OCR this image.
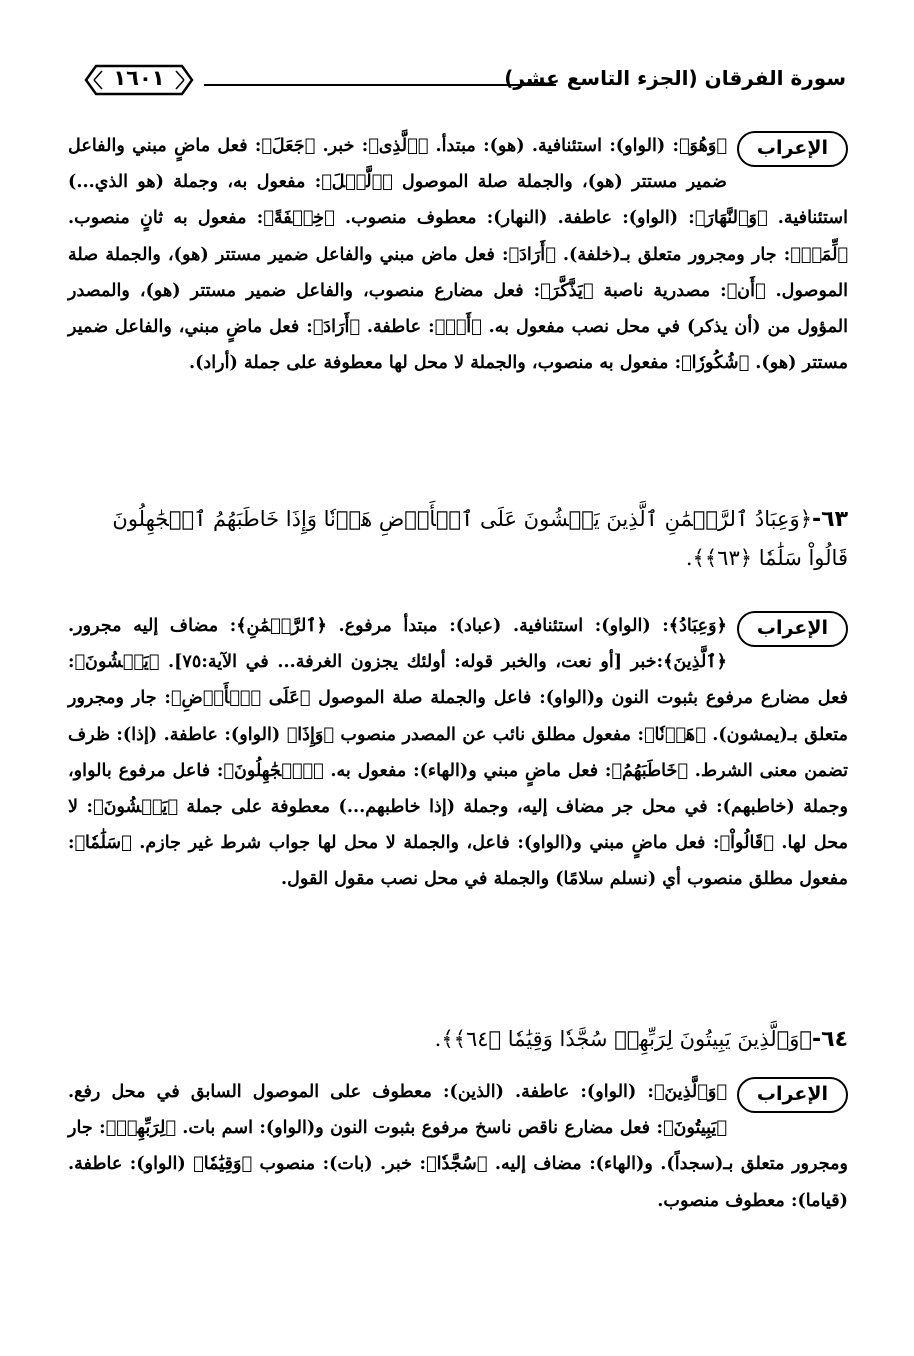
سورة الفرقان (الجزء التاسع عشر)
١٦٠١

الإعراب
﴿وَهُوَ﴾: (الواو): استئنافية. (هو): مبتدأ. ﴿ٱلَّذِى﴾: خبر. ﴿جَعَلَ﴾: فعل ماضٍ مبني والفاعل ضمير مستتر (هو)، والجملة صلة الموصول ﴿ٱلَّيۡلَ﴾: مفعول به، وجملة (هو الذي...) استئنافية. ﴿وَٱلنَّهَارَ﴾: (الواو): عاطفة. (النهار): معطوف منصوب. ﴿خِلۡفَةً﴾: مفعول به ثانٍ منصوب. ﴿لِّمَنۡ﴾: جار ومجرور متعلق بـ(خلفة). ﴿أَرَادَ﴾: فعل ماض مبني والفاعل ضمير مستتر (هو)، والجملة صلة الموصول. ﴿أَن﴾: مصدرية ناصبة ﴿يَذَّكَّرَ﴾: فعل مضارع منصوب، والفاعل ضمير مستتر (هو)، والمصدر المؤول من (أن يذكر) في محل نصب مفعول به. ﴿أَوۡ﴾: عاطفة. ﴿أَرَادَ﴾: فعل ماضٍ مبني، والفاعل ضمير مستتر (هو). ﴿شُكُورٗا﴾: مفعول به منصوب، والجملة لا محل لها معطوفة على جملة (أراد).

٦٣-﴿وَعِبَادُ ٱلرَّحۡمَٰنِ ٱلَّذِينَ يَمۡشُونَ عَلَى ٱلۡأَرۡضِ هَوۡنٗا وَإِذَا خَاطَبَهُمُ ٱلۡجَٰهِلُونَ قَالُواْ سَلَٰمٗا ﴿٦٣﴾﴾.

الإعراب
﴿وَعِبَادُ﴾: (الواو): استئنافية. (عباد): مبتدأ مرفوع. ﴿ٱلرَّحۡمَٰنِ﴾: مضاف إليه مجرور. ﴿ٱلَّذِينَ﴾:خبر [أو نعت، والخبر قوله: أولئك يجزون الغرفة... في الآية:٧٥]. ﴿يَمۡشُونَ﴾: فعل مضارع مرفوع بثبوت النون و(الواو): فاعل والجملة صلة الموصول ﴿عَلَى ٱلۡأَرۡضِ﴾: جار ومجرور متعلق بـ(يمشون). ﴿هَوۡنٗا﴾: مفعول مطلق نائب عن المصدر منصوب ﴿وَإِذَا﴾ (الواو): عاطفة. (إذا): ظرف تضمن معنى الشرط. ﴿خَاطَبَهُمُ﴾: فعل ماضٍ مبني و(الهاء): مفعول به. ﴿ٱلۡجَٰهِلُونَ﴾: فاعل مرفوع بالواو، وجملة (خاطبهم): في محل جر مضاف إليه، وجملة (إذا خاطبهم...) معطوفة على جملة ﴿يَمۡشُونَ﴾: لا محل لها. ﴿قَالُواْ﴾: فعل ماضٍ مبني و(الواو): فاعل، والجملة لا محل لها جواب شرط غير جازم. ﴿سَلَٰمٗا﴾: مفعول مطلق منصوب أي (نسلم سلامًا) والجملة في محل نصب مقول القول.

٦٤-﴿وَٱلَّذِينَ يَبِيتُونَ لِرَبِّهِمۡ سُجَّدٗا وَقِيَٰمٗا ﴿٦٤﴾﴾.

الإعراب
﴿وَٱلَّذِينَ﴾: (الواو): عاطفة. (الذين): معطوف على الموصول السابق في محل رفع. ﴿يَبِيتُونَ﴾: فعل مضارع ناقص ناسخ مرفوع بثبوت النون و(الواو): اسم بات. ﴿لِرَبِّهِمۡ﴾: جار ومجرور متعلق بـ(سجداً). و(الهاء): مضاف إليه. ﴿سُجَّدٗا﴾: خبر. (بات): منصوب ﴿وَقِيَٰمٗا﴾ (الواو): عاطفة. (قياما): معطوف منصوب.
